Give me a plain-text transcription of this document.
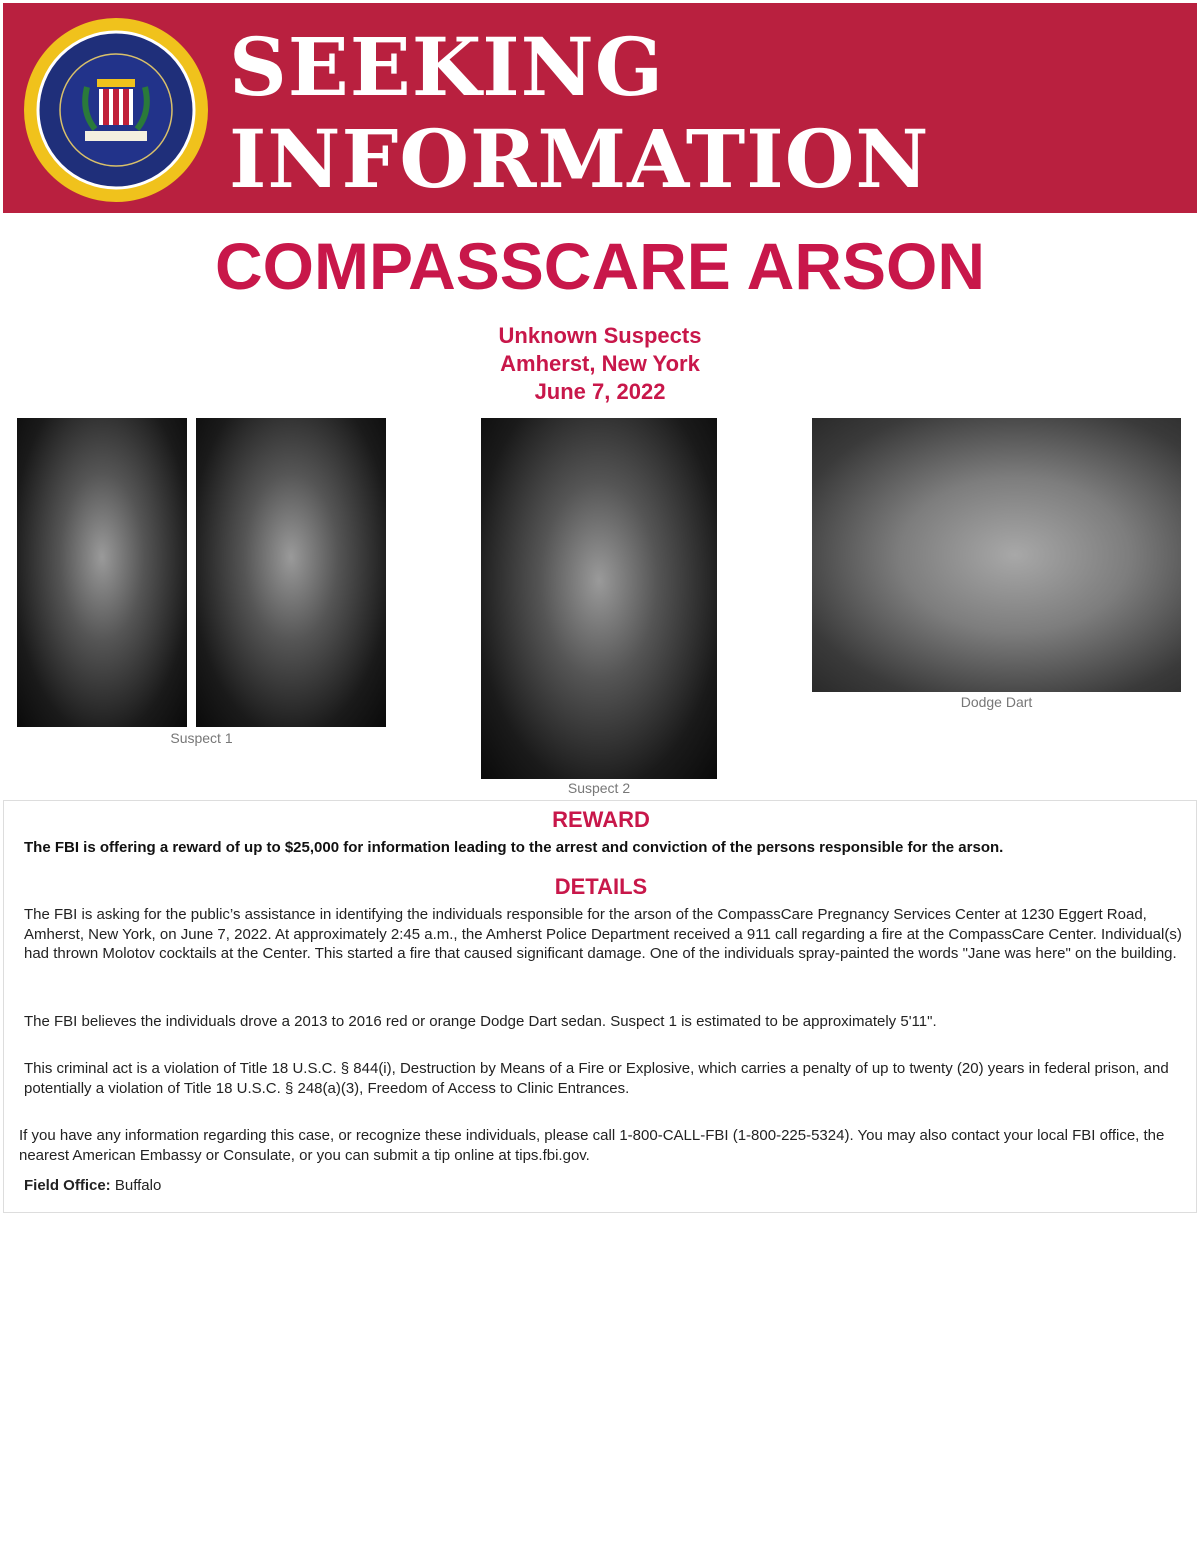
SEEKING
INFORMATION
COMPASSCARE ARSON
Unknown Suspects
Amherst, New York
June 7, 2022
Suspect 1
Suspect 2
Dodge Dart
REWARD
The FBI is offering a reward of up to $25,000 for information leading to the arrest and conviction of the persons responsible for the arson.
DETAILS
The FBI is asking for the public’s assistance in identifying the individuals responsible for the arson of the CompassCare Pregnancy Services Center at 1230 Eggert Road, Amherst, New York, on June 7, 2022. At approximately 2:45 a.m., the Amherst Police Department received a 911 call regarding a fire at the CompassCare Center. Individual(s) had thrown Molotov cocktails at the Center. This started a fire that caused significant damage. One of the individuals spray-painted the words "Jane was here" on the building.
The FBI believes the individuals drove a 2013 to 2016 red or orange Dodge Dart sedan. Suspect 1 is estimated to be approximately 5'11".
This criminal act is a violation of Title 18 U.S.C. § 844(i), Destruction by Means of a Fire or Explosive, which carries a penalty of up to twenty (20) years in federal prison, and potentially a violation of Title 18 U.S.C. § 248(a)(3), Freedom of Access to Clinic Entrances.
If you have any information regarding this case, or recognize these individuals, please call 1-800-CALL-FBI (1-800-225-5324). You may also contact your local FBI office, the nearest American Embassy or Consulate, or you can submit a tip online at tips.fbi.gov.
Field Office: Buffalo
